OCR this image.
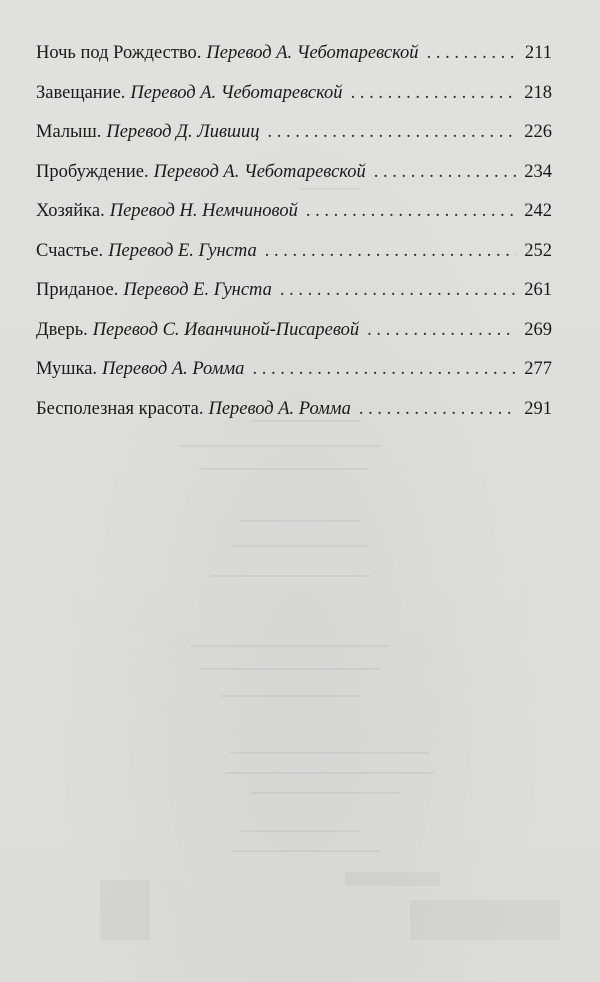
Ночь под Рождество. Перевод А. Чеботаревской . . .	211
Завещание. Перевод А. Чеботаревской . . .	218
Малыш. Перевод Д. Лившиц . . .	226
Пробуждение. Перевод А. Чеботаревской . . .	234
Хозяйка. Перевод Н. Немчиновой . . .	242
Счастье. Перевод Е. Гунста . . .	252
Приданое. Перевод Е. Гунста . . .	261
Дверь. Перевод С. Иванчиной-Писаревой . . .	269
Мушка. Перевод А. Ромма . . .	277
Бесполезная красота. Перевод А. Ромма . . .	291
